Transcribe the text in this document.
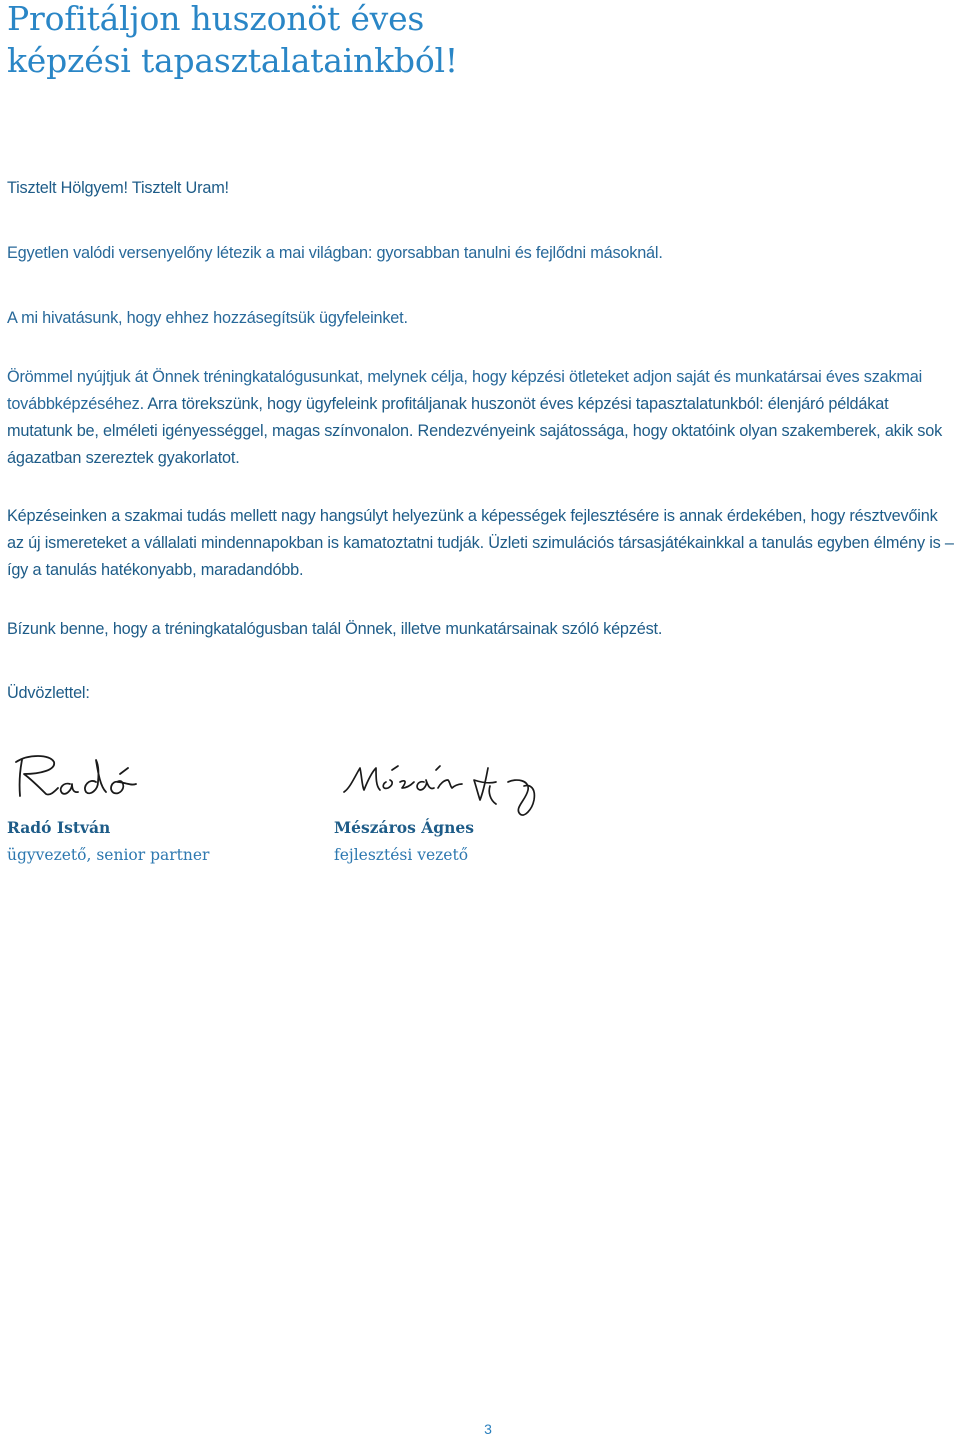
Profitáljon huszonöt éves
képzési tapasztalatainkból!

Tisztelt Hölgyem! Tisztelt Uram!

Egyetlen valódi versenyelőny létezik a mai világban: gyorsabban tanulni és fejlődni másoknál.

A mi hivatásunk, hogy ehhez hozzásegítsük ügyfeleinket.

Örömmel nyújtjuk át Önnek tréningkatalógusunkat, melynek célja, hogy képzési ötleteket adjon saját és munkatársai éves szakmai továbbképzéséhez. Arra törekszünk, hogy ügyfeleink profitáljanak huszonöt éves képzési tapasztalatunkból: élenjáró példákat mutatunk be, elméleti igényességgel, magas színvonalon. Rendezvényeink sajátossága, hogy oktatóink olyan szakemberek, akik sok ágazatban szereztek gyakorlatot.

Képzéseinken a szakmai tudás mellett nagy hangsúlyt helyezünk a képességek fejlesztésére is annak érdekében, hogy résztvevőink az új ismereteket a vállalati mindennapokban is kamatoztatni tudják. Üzleti szimulációs társasjátékainkkal a tanulás egyben élmény is – így a tanulás hatékonyabb, maradandóbb.

Bízunk benne, hogy a tréningkatalógusban talál Önnek, illetve munkatársainak szóló képzést.

Üdvözlettel:

Radó István

ügyvezető, senior partner

Mészáros Ágnes

fejlesztési vezető

3
